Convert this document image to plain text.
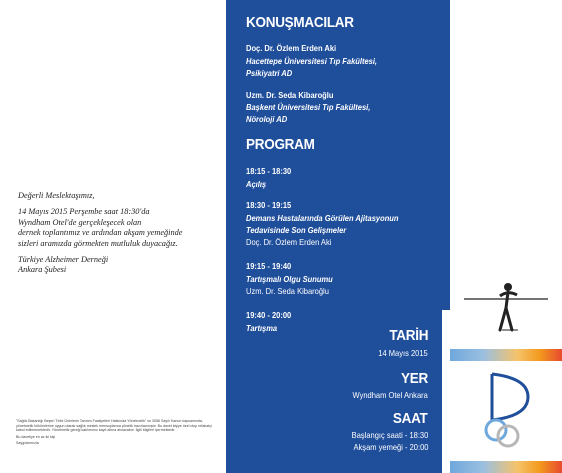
Değerli Meslektaşımız,

14 Mayıs 2015 Perşembe saat 18:30'da
Wyndham Otel'de gerçekleşecek olan
dernek toplantımız ve ardından akşam yemeğinde
sizleri aramızda görmekten mutluluk duyacağız.

Türkiye Alzheimer Derneği
Ankara Şubesi

"Sağlık Bakanlığı Beşeri Tıbbi Ürünlerin Tanıtım Faaliyetleri Hakkında Yönetmelik" ve 3056 Sayılı Kanun kapsamında, yönetmelik hükümlerine uygun olarak sağlık meslek mensuplarına yönelik hazırlanmıştır. Bu davet kişiye özel olup refakatçi kabul edilmemektedir. Yönetmelik gereği katılımınız kayıt altına alınacaktır. İlgili bilgileri içermektedir.

Bu davetiye en az iki kişi

Saygılarımızla

KONUŞMACILAR
Doç. Dr. Özlem Erden Aki
Hacettepe Üniversitesi Tıp Fakültesi,
Psikiyatri AD
Uzm. Dr. Seda Kibaroğlu
Başkent Üniversitesi Tıp Fakültesi,
Nöroloji AD
PROGRAM
18:15 - 18:30
Açılış
18:30 - 19:15
Demans Hastalarında Görülen Ajitasyonun
Tedavisinde Son Gelişmeler
Doç. Dr. Özlem Erden Aki
19:15 - 19:40
Tartışmalı Olgu Sunumu
Uzm. Dr. Seda Kibaroğlu
19:40 - 20:00
Tartışma	TARİH
14 Mayıs 2015
YER
Wyndham Otel Ankara
SAAT
Başlangıç saati - 18:30
Akşam yemeği - 20:00
